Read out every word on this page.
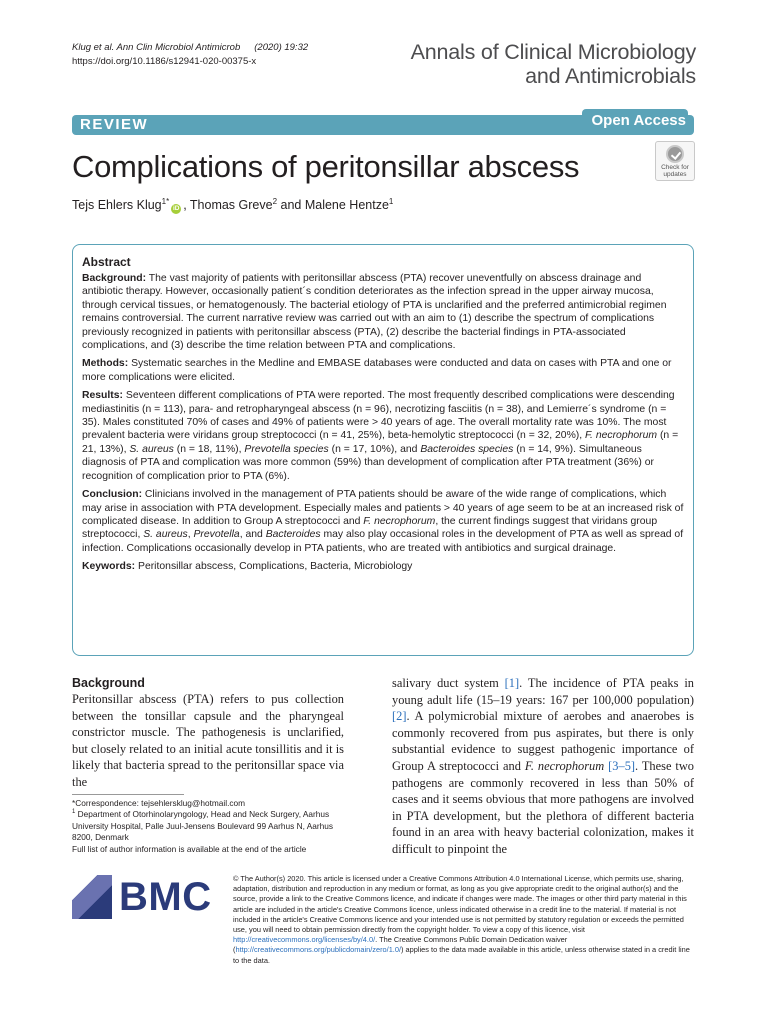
Klug et al. Ann Clin Microbiol Antimicrob (2020) 19:32
https://doi.org/10.1186/s12941-020-00375-x	Annals of Clinical Microbiology
and Antimicrobials
REVIEW	Open Access
Complications of peritonsillar abscess	Check for
updates
Tejs Ehlers Klug$^{1*}$iD , Thomas Greve$^2$ and Malene Hentze$^1$
Abstract

Background: The vast majority of patients with peritonsillar abscess (PTA) recover uneventfully on abscess drainage and antibiotic therapy. However, occasionally patient´s condition deteriorates as the infection spread in the upper airway mucosa, through cervical tissues, or hematogenously. The bacterial etiology of PTA is unclarified and the preferred antimicrobial regimen remains controversial. The current narrative review was carried out with an aim to (1) describe the spectrum of complications previously recognized in patients with peritonsillar abscess (PTA), (2) describe the bacterial findings in PTA-associated complications, and (3) describe the time relation between PTA and complications.

Methods: Systematic searches in the Medline and EMBASE databases were conducted and data on cases with PTA and one or more complications were elicited.

Results: Seventeen different complications of PTA were reported. The most frequently described complications were descending mediastinitis (n = 113), para- and retropharyngeal abscess (n = 96), necrotizing fasciitis (n = 38), and Lemierre´s syndrome (n = 35). Males constituted 70% of cases and 49% of patients were > 40 years of age. The overall mortality rate was 10%. The most prevalent bacteria were viridans group streptococci (n = 41, 25%), beta-hemolytic streptococci (n = 32, 20%), F. necrophorum (n = 21, 13%), S. aureus (n = 18, 11%), Prevotella species (n = 17, 10%), and Bacteroides species (n = 14, 9%). Simultaneous diagnosis of PTA and complication was more common (59%) than development of complication after PTA treatment (36%) or recognition of complication prior to PTA (6%).

Conclusion: Clinicians involved in the management of PTA patients should be aware of the wide range of complications, which may arise in association with PTA development. Especially males and patients > 40 years of age seem to be at an increased risk of complicated disease. In addition to Group A streptococci and F. necrophorum, the current findings suggest that viridans group streptococci, S. aureus, Prevotella, and Bacteroides may also play occasional roles in the development of PTA as well as spread of infection. Complications occasionally develop in PTA patients, who are treated with antibiotics and surgical drainage.

Keywords: Peritonsillar abscess, Complications, Bacteria, Microbiology

Background

Peritonsillar abscess (PTA) refers to pus collection between the tonsillar capsule and the pharyngeal constrictor muscle. The pathogenesis is unclarified, but closely related to an initial acute tonsillitis and it is likely that bacteria spread to the peritonsillar space via the

salivary duct system [1]. The incidence of PTA peaks in young adult life (15–19 years: 167 per 100,000 population) [2]. A polymicrobial mixture of aerobes and anaerobes is commonly recovered from pus aspirates, but there is only substantial evidence to suggest pathogenic importance of Group A streptococci and F. necrophorum [3–5]. These two pathogens are commonly recovered in less than 50% of cases and it seems obvious that more pathogens are involved in PTA development, but the plethora of different bacteria found in an area with heavy bacterial colonization, makes it difficult to pinpoint the

*Correspondence: tejsehlersklug@hotmail.com

$^1$ Department of Otorhinolaryngology, Head and Neck Surgery, Aarhus University Hospital, Palle Juul-Jensens Boulevard 99 Aarhus N, Aarhus 8200, Denmark

Full list of author information is available at the end of the article

BMC	© The Author(s) 2020. This article is licensed under a Creative Commons Attribution 4.0 International License, which permits use, sharing, adaptation, distribution and reproduction in any medium or format, as long as you give appropriate credit to the original author(s) and the source, provide a link to the Creative Commons licence, and indicate if changes were made. The images or other third party material in this article are included in the article's Creative Commons licence, unless indicated otherwise in a credit line to the material. If material is not included in the article's Creative Commons licence and your intended use is not permitted by statutory regulation or exceeds the permitted use, you will need to obtain permission directly from the copyright holder. To view a copy of this licence, visit http://creativecommons.org/licenses/by/4.0/. The Creative Commons Public Domain Dedication waiver (http://creativecommons.org/publicdomain/zero/1.0/) applies to the data made available in this article, unless otherwise stated in a credit line to the data.
